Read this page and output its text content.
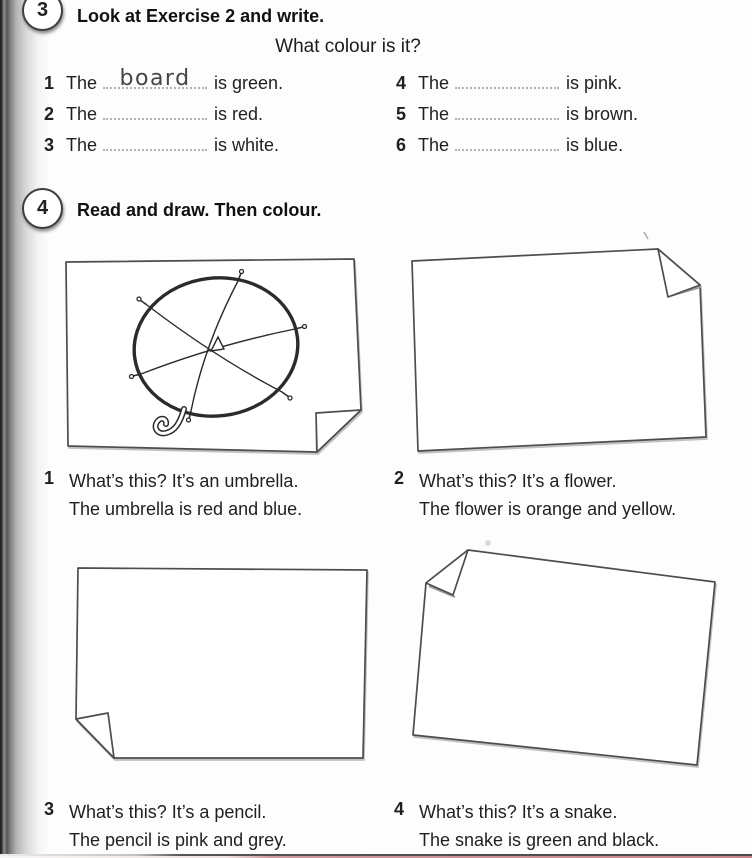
3	Look at Exercise 2 and write.
What colour is it?
1 The	board	is green.
2 The	is red.
3 The	is white.
4 The	is pink.
5 The	is brown.
6 The	is blue.
4	Read and draw. Then colour.
1 What’s this? It’s an umbrella.
The umbrella is red and blue.
2 What’s this? It’s a flower.
The flower is orange and yellow.
3 What’s this? It’s a pencil.
The pencil is pink and grey.
4 What’s this? It’s a snake.
The snake is green and black.
